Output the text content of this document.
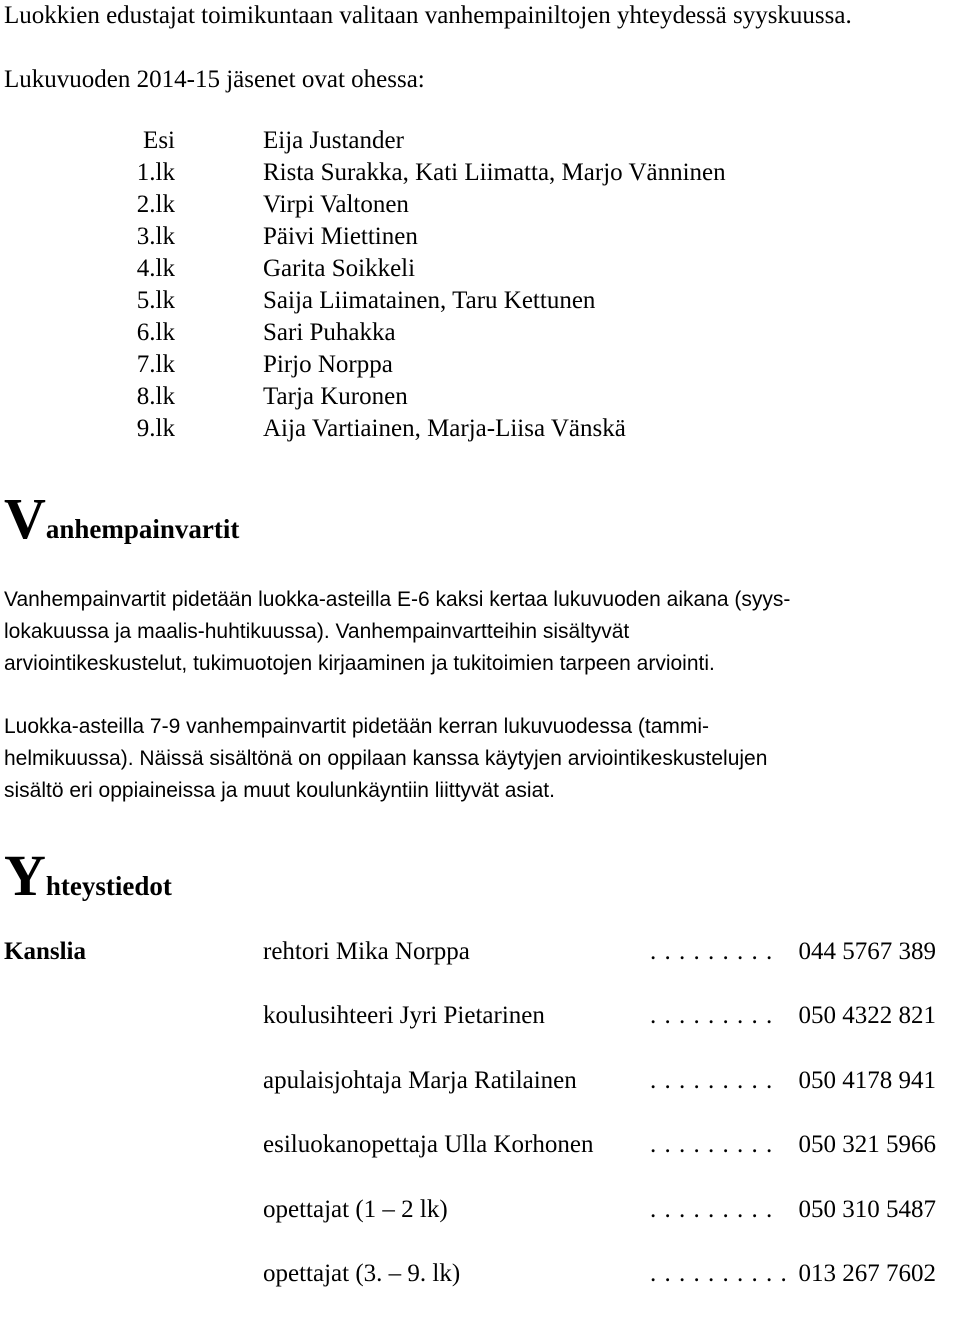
Luokkien edustajat toimikuntaan valitaan vanhempainiltojen yhteydessä syyskuussa.
Lukuvuoden 2014-15 jäsenet ovat ohessa:
Esi	Eija Justander
1.lk	Rista Surakka, Kati Liimatta, Marjo Vänninen
2.lk	Virpi Valtonen
3.lk	Päivi Miettinen
4.lk	Garita Soikkeli
5.lk	Saija Liimatainen, Taru Kettunen
6.lk	Sari Puhakka
7.lk	Pirjo Norppa
8.lk	Tarja Kuronen
9.lk	Aija Vartiainen, Marja-Liisa Vänskä
Vanhempainvartit
Vanhempainvartit pidetään luokka-asteilla E-6 kaksi kertaa lukuvuoden aikana (syys-
lokakuussa ja maalis-huhtikuussa). Vanhempainvartteihin sisältyvät
arviointikeskustelut, tukimuotojen kirjaaminen ja tukitoimien tarpeen arviointi.
Luokka-asteilla 7-9 vanhempainvartit pidetään kerran lukuvuodessa (tammi-
helmikuussa). Näissä sisältönä on oppilaan kanssa käytyjen arviointikeskustelujen
sisältö eri oppiaineissa ja muut koulunkäyntiin liittyvät asiat.
Yhteystiedot
Kanslia	rehtori Mika Norppa	. . . . . . . . . 044 5767 389
koulusihteeri Jyri Pietarinen	. . . . . . . . . 050 4322 821
apulaisjohtaja Marja Ratilainen	. . . . . . . . . 050 4178 941
esiluokanopettaja Ulla Korhonen . . . . . . . . . 050 321 5966
opettajat (1 – 2 lk)	. . . . . . . . . 050 310 5487
opettajat (3. – 9. lk)	. . . . . . . . . . 013 267 7602
